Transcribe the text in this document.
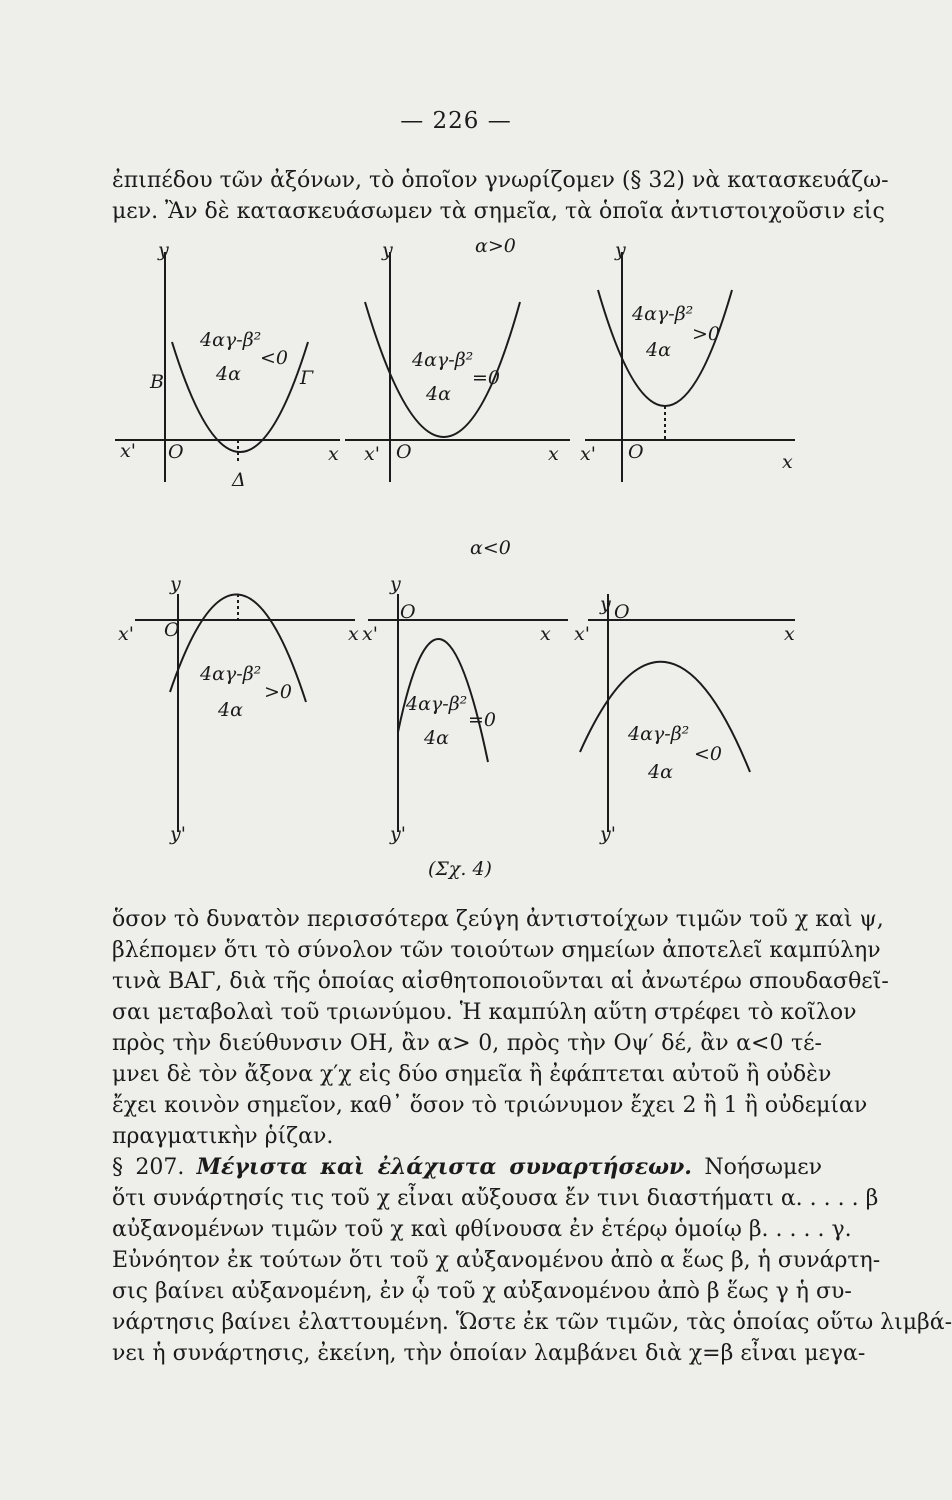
— 226 —
ἐπιπέδου τῶν ἀξόνων, τὸ ὁποῖον γνωρίζομεν (§ 32) νὰ κατασκευάζω-
μεν. Ἂν δὲ κατασκευάσωμεν τὰ σημεῖα, τὰ ὁποῖα ἀντιστοιχοῦσιν εἰς
α>0
α<0
y	y	y
x'	x x'	x x'	x
O	O	O
B	Γ
Δ
4αγ-β²
4α
<0	4αγ-β²
4α
=0
4αγ-β²
4α
>0
y	y
y
x'	x x'	x x'	x
O
O	O
4αγ-β²
4α
>0
4αγ-β²
4α
=0
4αγ-β²
4α
<0
y'	y'	y'
(Σχ. 4)
ὅσον τὸ δυνατὸν περισσότερα ζεύγη ἀντιστοίχων τιμῶν τοῦ χ καὶ ψ,
βλέπομεν ὅτι τὸ σύνολον τῶν τοιούτων σημείων ἀποτελεῖ καμπύλην
τινὰ ΒΑΓ, διὰ τῆς ὁποίας αἰσθητοποιοῦνται αἱ ἀνωτέρω σπουδασθεῖ-
σαι μεταβολαὶ τοῦ τριωνύμου. Ἡ καμπύλη αὕτη στρέφει τὸ κοῖλον
πρὸς τὴν διεύθυνσιν ΟΗ, ἂν α> 0, πρὸς τὴν Οψ′ δέ, ἂν α<0 τέ-
μνει δὲ τὸν ἄξονα χ′χ εἰς δύο σημεῖα ἢ ἐφάπτεται αὐτοῦ ἢ οὐδὲν
ἔχει κοινὸν σημεῖον, καθ᾽ ὅσον τὸ τριώνυμον ἔχει 2 ἢ 1 ἢ οὐδεμίαν
πραγματικὴν ῥίζαν.
§ 207. Μέγιστα καὶ ἐλάχιστα συναρτήσεων. Νοήσωμεν
ὅτι συνάρτησίς τις τοῦ χ εἶναι αὔξουσα ἔν τινι διαστήματι α. . . . . β
αὐξανομένων τιμῶν τοῦ χ καὶ φθίνουσα ἐν ἑτέρῳ ὁμοίῳ β. . . . . γ.
Εὐνόητον ἐκ τούτων ὅτι τοῦ χ αὐξανομένου ἀπὸ α ἕως β, ἡ συνάρτη-
σις βαίνει αὐξανομένη, ἐν ᾧ τοῦ χ αὐξανομένου ἀπὸ β ἕως γ ἡ συ-
νάρτησις βαίνει ἐλαττουμένη. Ὥστε ἐκ τῶν τιμῶν, τὰς ὁποίας οὕτω λιμβά-
νει ἡ συνάρτησις, ἐκείνη, τὴν ὁποίαν λαμβάνει διὰ χ=β εἶναι μεγα-
